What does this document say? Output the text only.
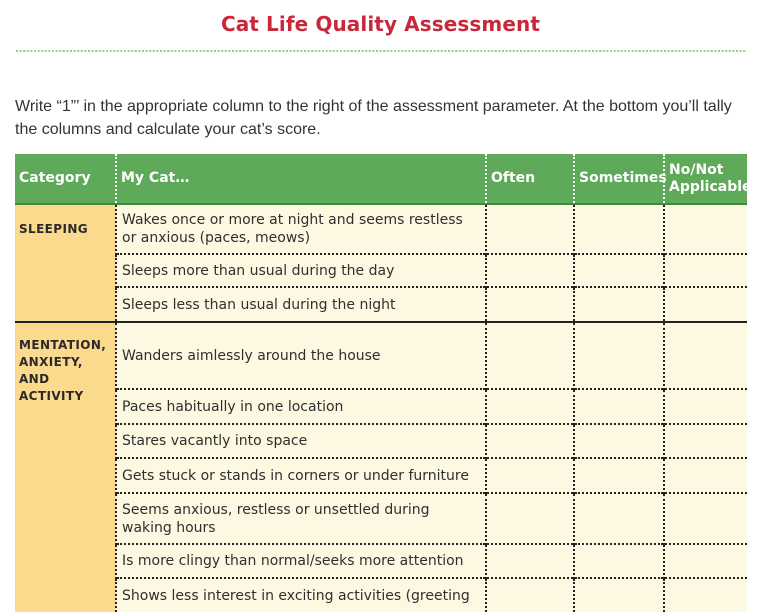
Cat Life Quality Assessment
Write “1”’ in the appropriate column to the right of the assessment parameter. At the bottom you’ll tally the columns and calculate your cat’s score.
Category	My Cat…	Often	Sometimes	No/Not Applicable
SLEEPING	Wakes once or more at night and seems restless or anxious (paces, meows)			
	Sleeps more than usual during the day			
	Sleeps less than usual during the night			
MENTATION, ANXIETY, AND ACTIVITY	Wanders aimlessly around the house			
	Paces habitually in one location			
	Stares vacantly into space			
	Gets stuck or stands in corners or under furniture			
	Seems anxious, restless or unsettled during waking hours			
	Is more clingy than normal/seeks more attention			
	Shows less interest in exciting activities (greeting			
